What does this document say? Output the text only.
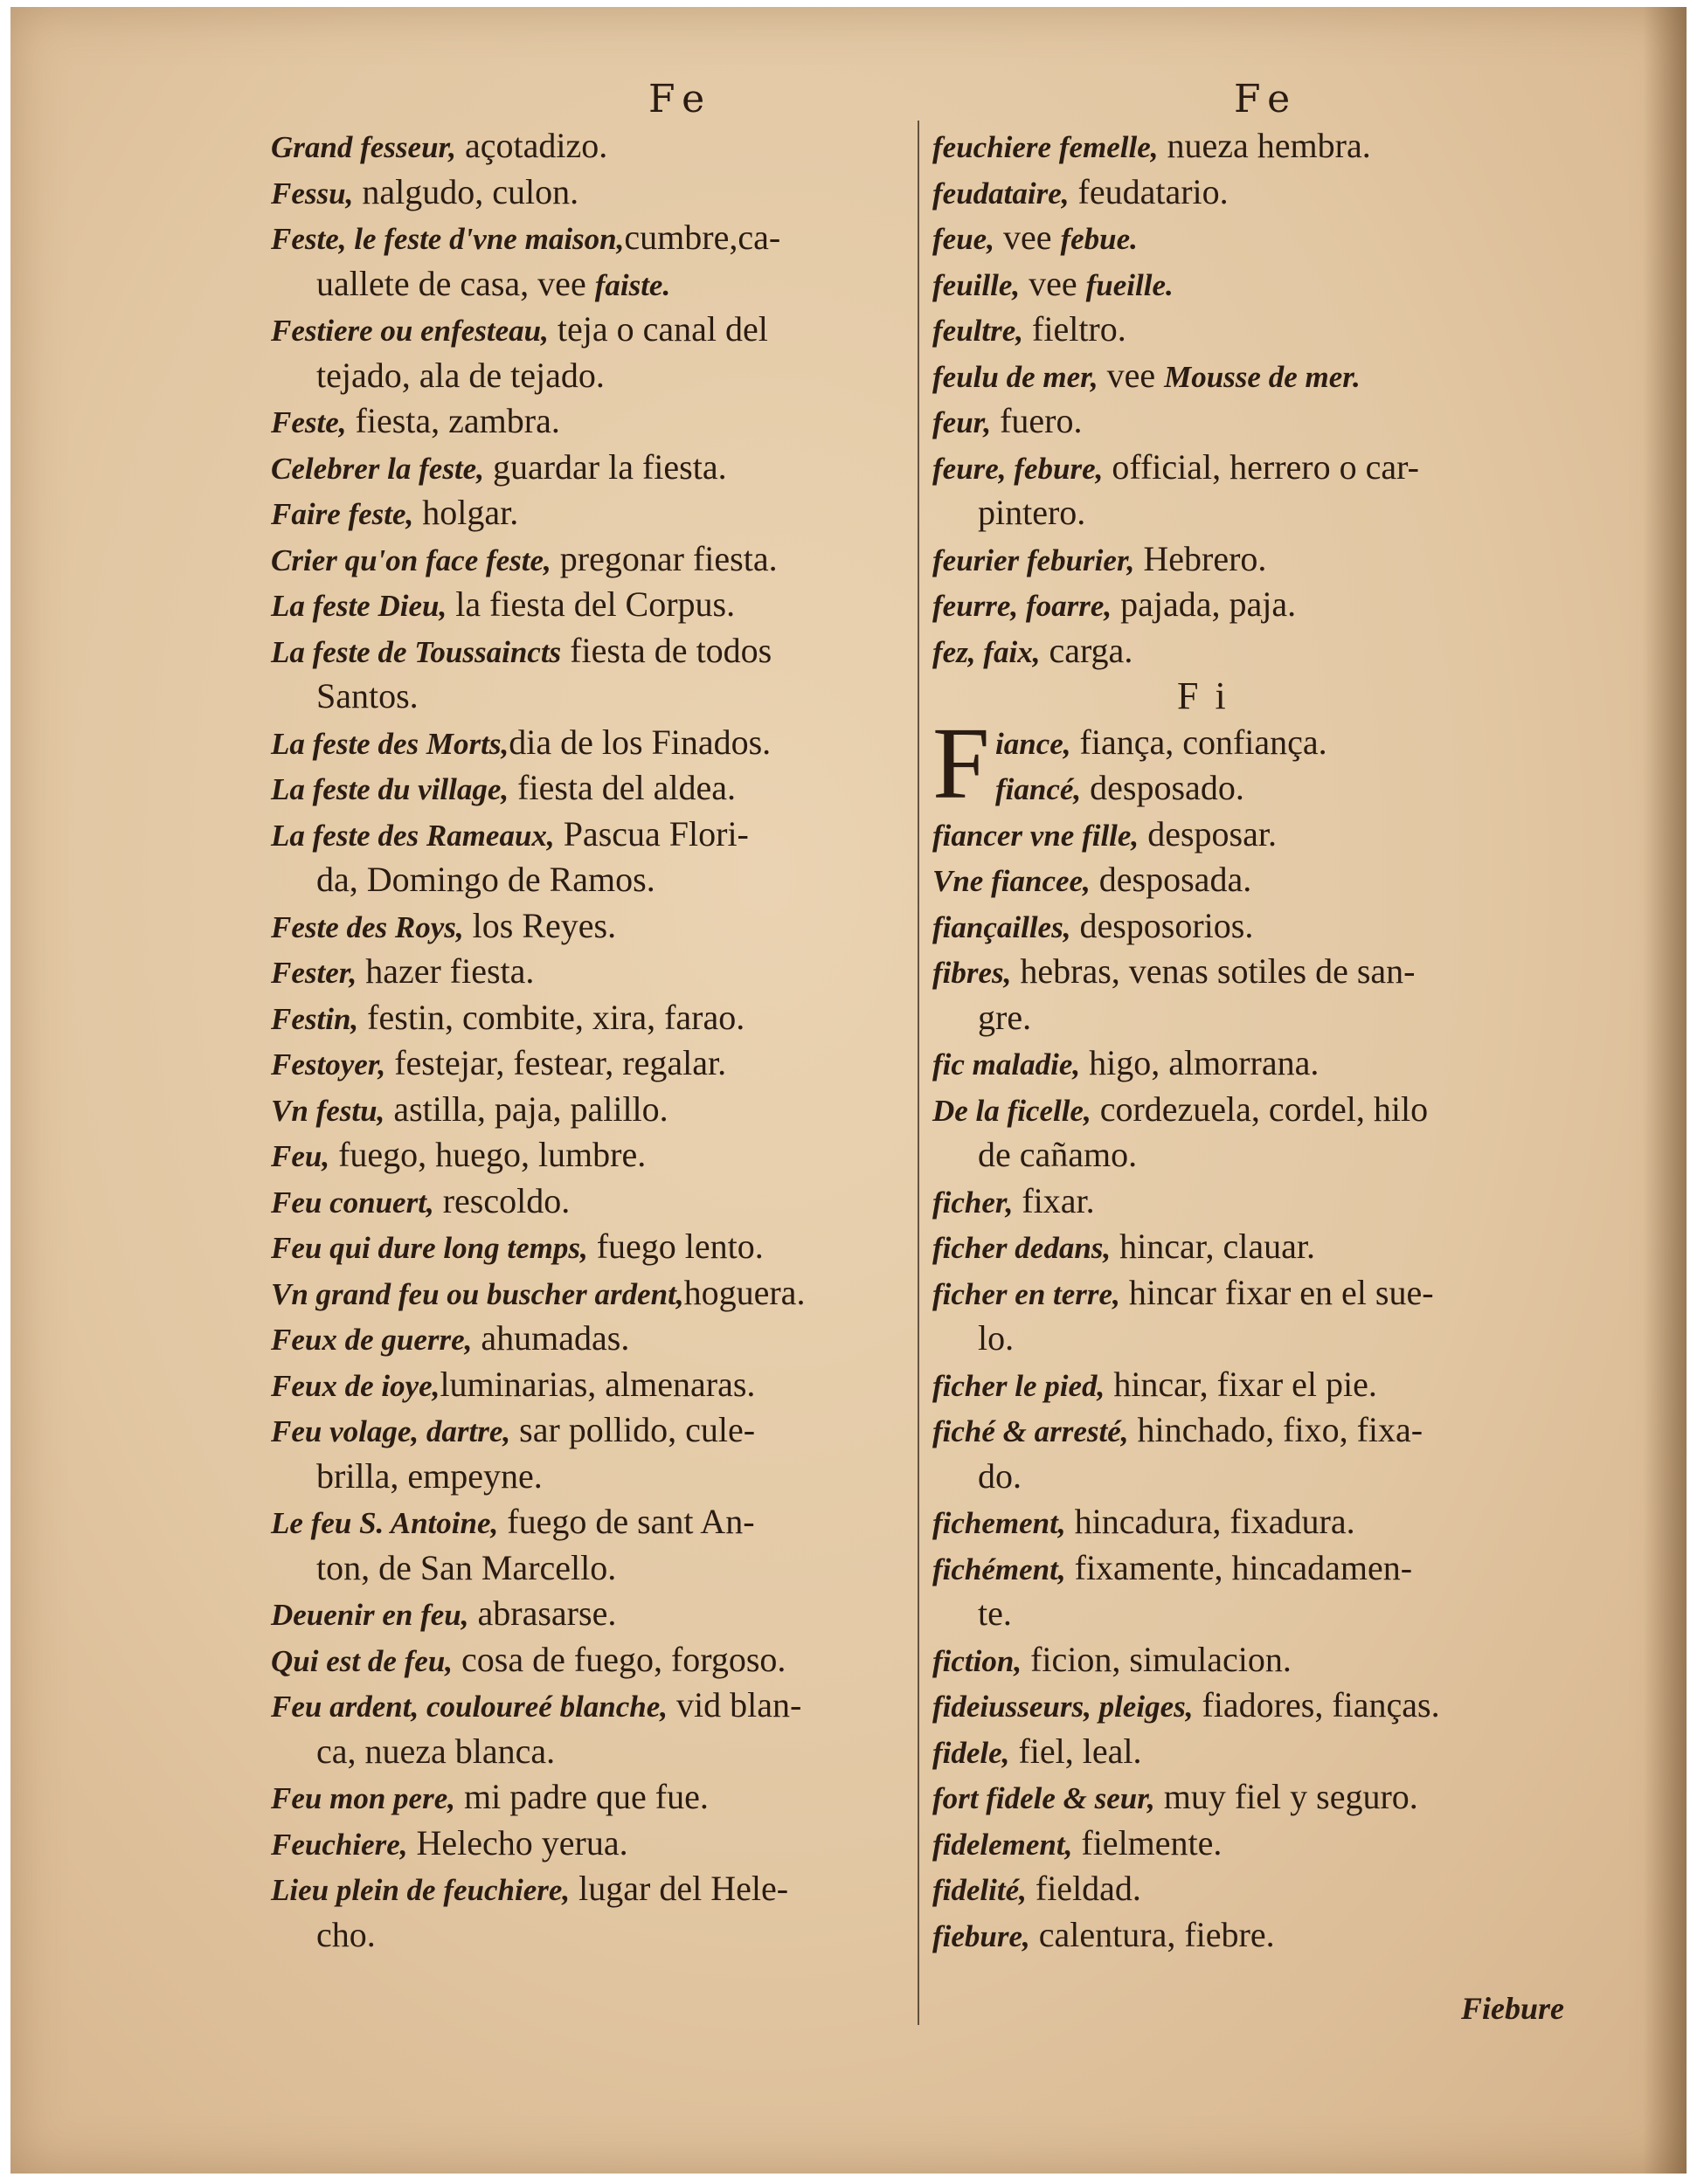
Fe	Fe
Grand fesseur, açotadizo.
Fessu, nalgudo, culon.
Feste, le feste d'vne maison,cumbre,ca-
uallete de casa, vee faiste.
Festiere ou enfesteau, teja o canal del
tejado, ala de tejado.
Feste, fiesta, zambra.
Celebrer la feste, guardar la fiesta.
Faire feste, holgar.
Crier qu'on face feste, pregonar fiesta.
La feste Dieu, la fiesta del Corpus.
La feste de Toussaincts fiesta de todos
Santos.
La feste des Morts,dia de los Finados.
La feste du village, fiesta del aldea.
La feste des Rameaux, Pascua Flori-
da, Domingo de Ramos.
Feste des Roys, los Reyes.
Fester, hazer fiesta.
Festin, festin, combite, xira, farao.
Festoyer, festejar, festear, regalar.
Vn festu, astilla, paja, palillo.
Feu, fuego, huego, lumbre.
Feu conuert, rescoldo.
Feu qui dure long temps, fuego lento.
Vn grand feu ou buscher ardent,hoguera.
Feux de guerre, ahumadas.
Feux de ioye,luminarias, almenaras.
Feu volage, dartre, sar pollido, cule-
brilla, empeyne.
Le feu S. Antoine, fuego de sant An-
ton, de San Marcello.
Deuenir en feu, abrasarse.
Qui est de feu, cosa de fuego, forgoso.
Feu ardent, couloureé blanche, vid blan-
ca, nueza blanca.
Feu mon pere, mi padre que fue.
Feuchiere, Helecho yerua.
Lieu plein de feuchiere, lugar del Hele-
cho.
feuchiere femelle, nueza hembra.
feudataire, feudatario.
feue, vee febue.
feuille, vee fueille.
feultre, fieltro.
feulu de mer, vee Mousse de mer.
feur, fuero.
feure, febure, official, herrero o car-
pintero.
feurier feburier, Hebrero.
feurre, foarre, pajada, paja.
fez, faix, carga.
F i
F iance, fiança, confiança.
fiancé, desposado.
fiancer vne fille, desposar.
Vne fiancee, desposada.
fiançailles, desposorios.
fibres, hebras, venas sotiles de san-
gre.
fic maladie, higo, almorrana.
De la ficelle, cordezuela, cordel, hilo
de cañamo.
ficher, fixar.
ficher dedans, hincar, clauar.
ficher en terre, hincar fixar en el sue-
lo.
ficher le pied, hincar, fixar el pie.
fiché & arresté, hinchado, fixo, fixa-
do.
fichement, hincadura, fixadura.
fichément, fixamente, hincadamen-
te.
fiction, ficion, simulacion.
fideiusseurs, pleiges, fiadores, fianças.
fidele, fiel, leal.
fort fidele & seur, muy fiel y seguro.
fidelement, fielmente.
fidelité, fieldad.
fiebure, calentura, fiebre.
Fiebure
